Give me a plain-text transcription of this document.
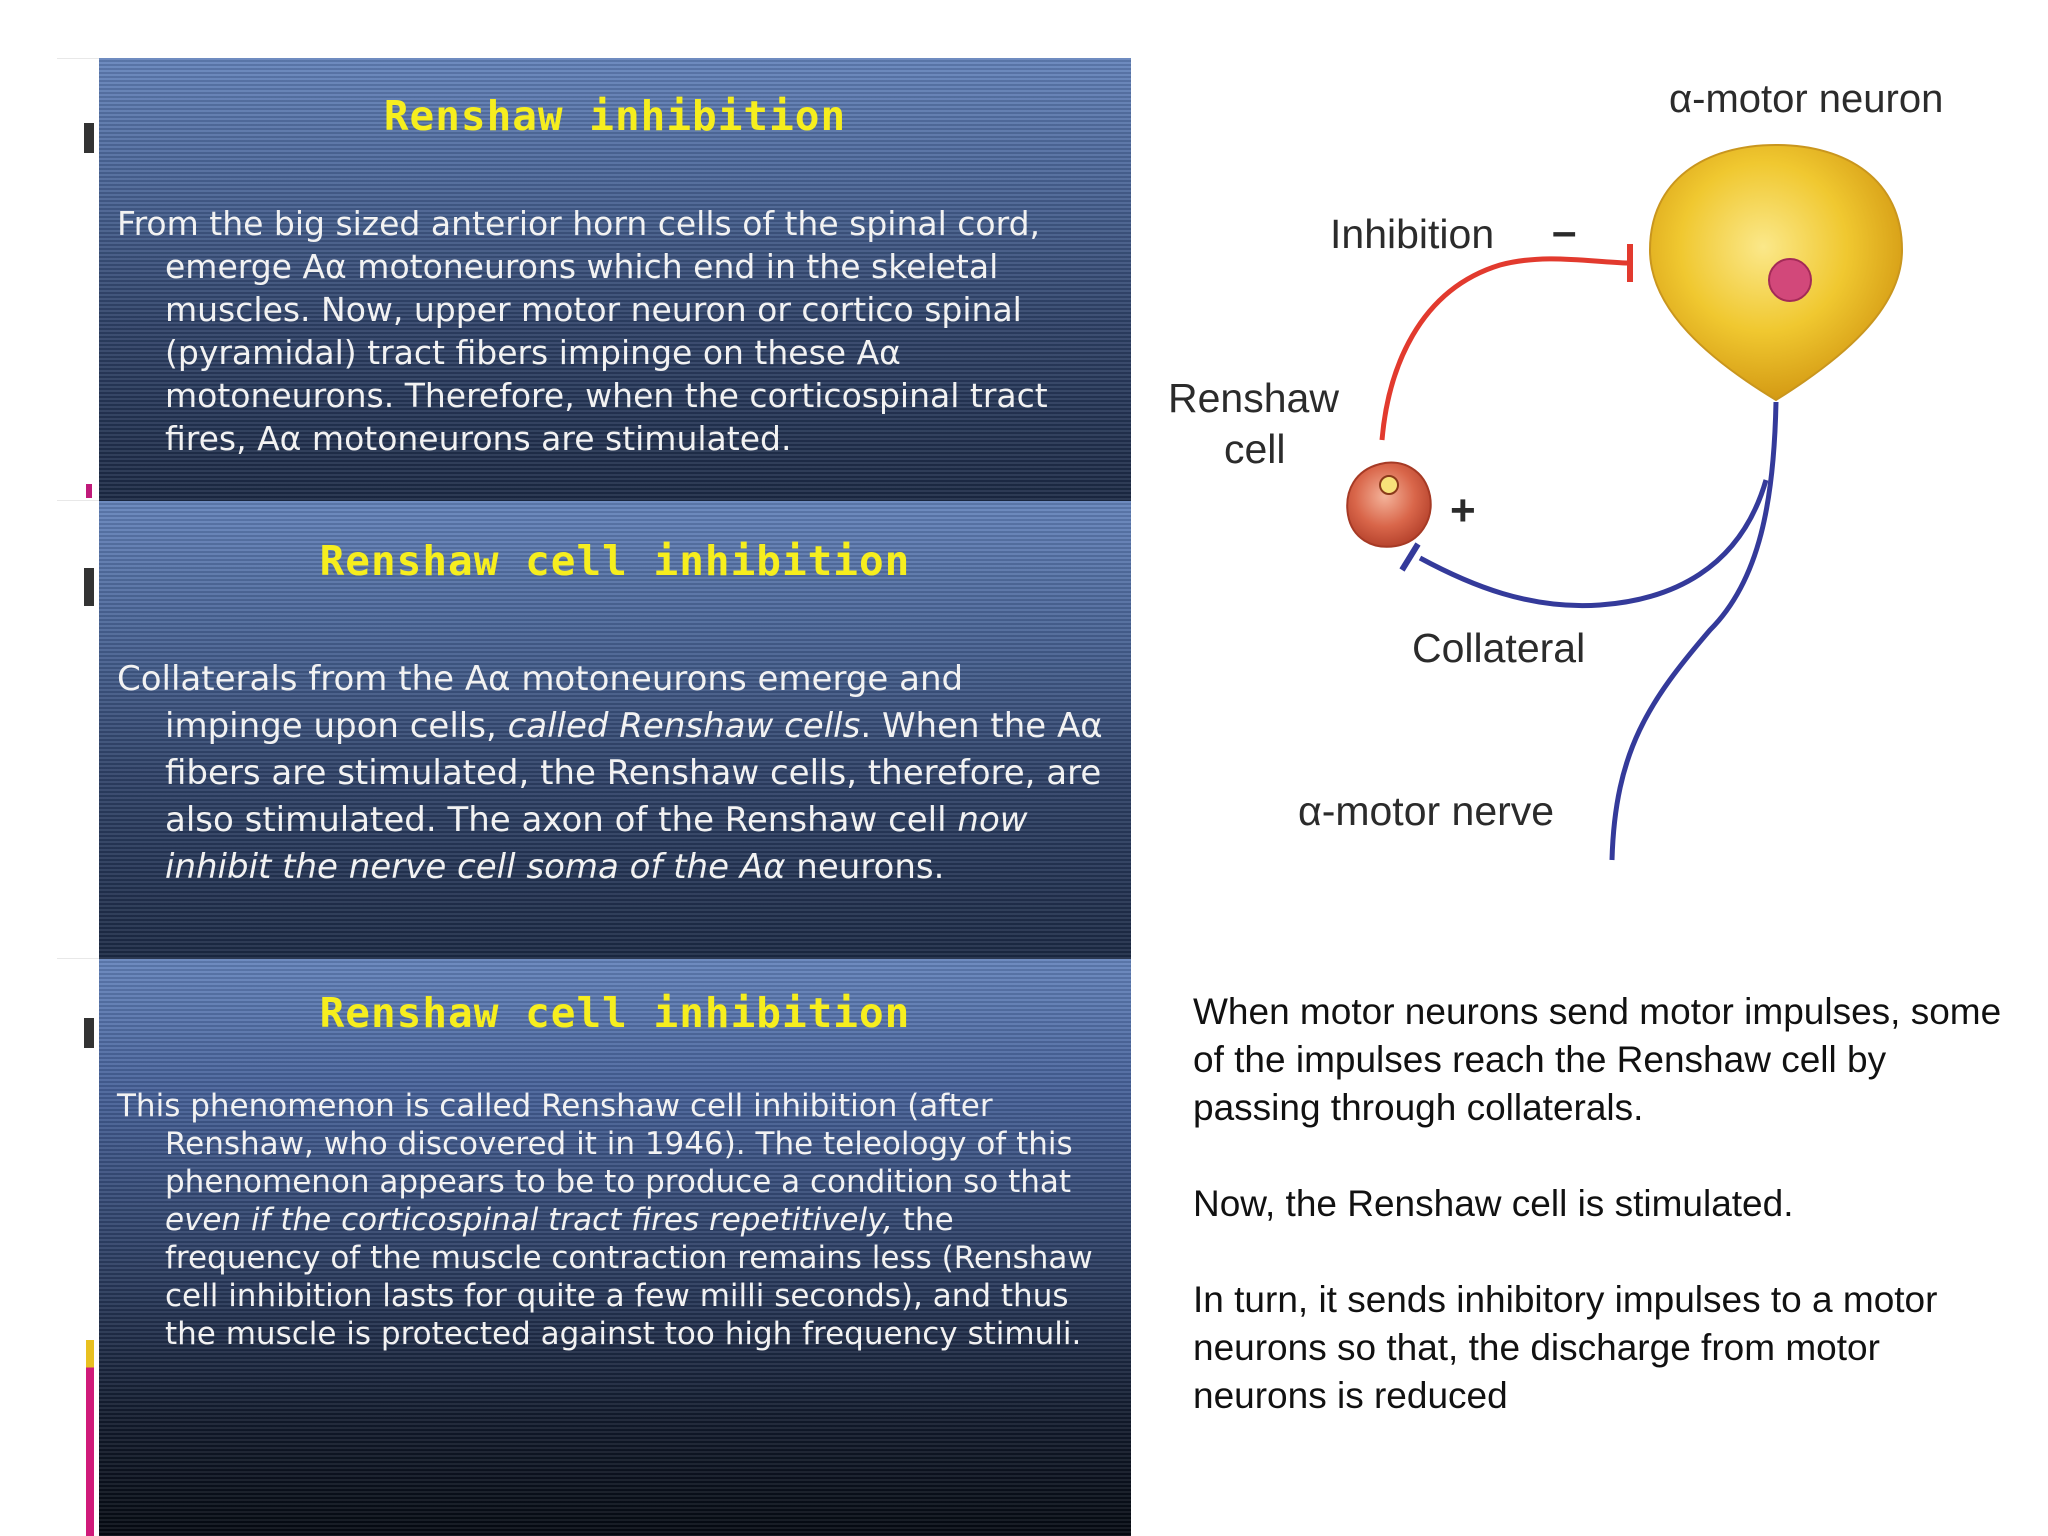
Renshaw inhibition
From the big sized anterior horn cells of the spinal cord, emerge Aα motoneurons which end in the skeletal muscles. Now, upper motor neuron or cortico spinal (pyramidal) tract fibers impinge on these Aα motoneurons. Therefore, when the corticospinal tract fires, Aα motoneurons are stimulated.
Renshaw cell inhibition
Collaterals from the Aα motoneurons emerge and impinge upon cells, called Renshaw cells. When the Aα fibers are stimulated, the Renshaw cells, therefore, are also stimulated. The axon of the Renshaw cell now inhibit the nerve cell soma of the Aα neurons.
Renshaw cell inhibition
This phenomenon is called Renshaw cell inhibition (after Renshaw, who discovered it in 1946). The teleology of this phenomenon appears to be to produce a condition so that even if the corticospinal tract fires repetitively, the frequency of the muscle contraction remains less (Renshaw cell inhibition lasts for quite a few milli seconds), and thus the muscle is protected against too high frequency stimuli.
α-motor neuron
Inhibition –
Renshaw
cell
+
Collateral
α-motor nerve

When motor neurons send motor impulses, some of the impulses reach the Renshaw cell by passing through collaterals.

Now, the Renshaw cell is stimulated.

In turn, it sends inhibitory impulses to a motor neurons so that, the discharge from motor neurons is reduced
